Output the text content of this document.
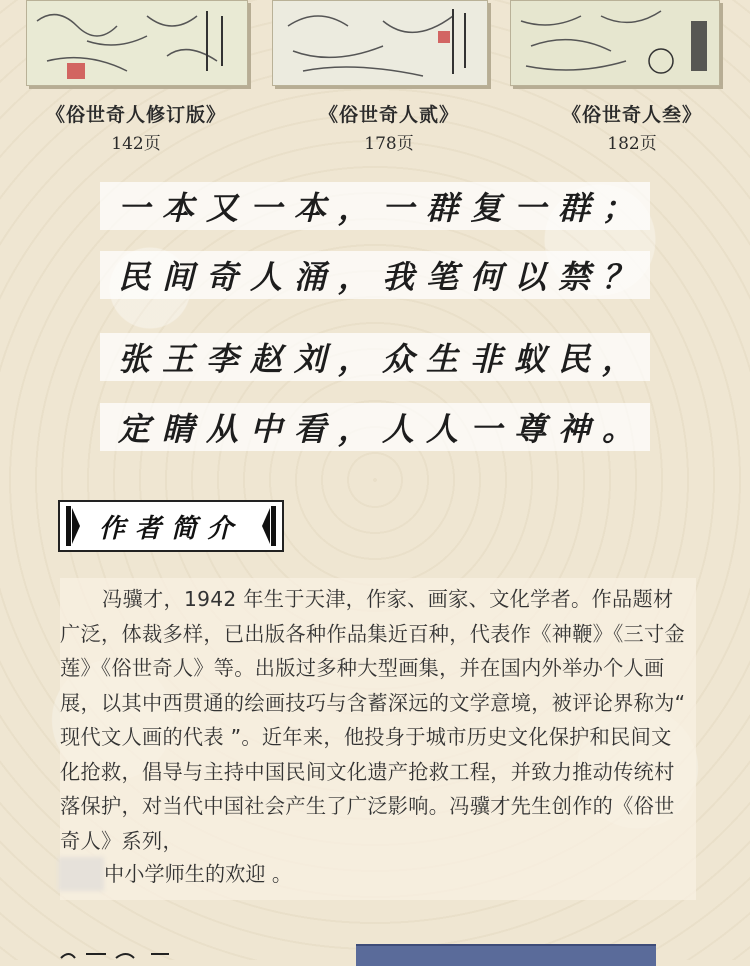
《俗世奇人修订版》
142页
《俗世奇人贰》
178页
《俗世奇人叁》
182页
一本又一本，一群复一群；
民间奇人涌，我笔何以禁？
张王李赵刘，众生非蚁民，
定睛从中看，人人一尊神。
作者简介
冯骥才，1942 年生于天津，作家、画家、文化学者。作品题材广泛，体裁多样，已出版各种作品集近百种，代表作《神鞭》《三寸金莲》《俗世奇人》等。出版过多种大型画集，并在国内外举办个人画展，以其中西贯通的绘画技巧与含蓄深远的文学意境，被评论界称为“ 现代文人画的代表 ”。近年来，他投身于城市历史文化保护和民间文化抢救，倡导与主持中国民间文化遗产抢救工程，并致力推动传统村落保护，对当代中国社会产生了广泛影响。冯骥才先生创作的《俗世奇人》系列，
中小学师生的欢迎 。
